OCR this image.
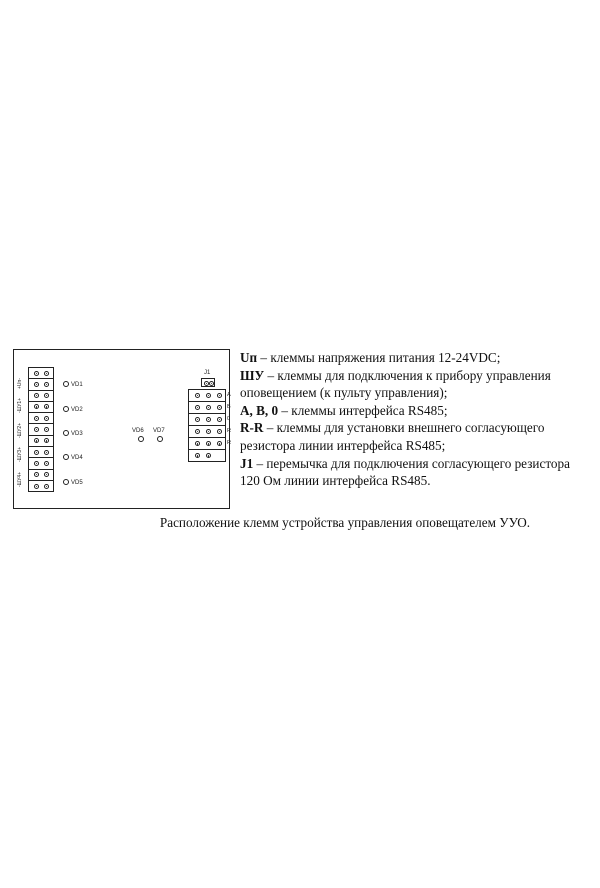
J1
VD1
VD2
VD3
VD4
VD5
+Uп-
-ШУ1+
-ШУ2+
-ШУ3+
-ШУ4+
A
B
0
R
R
VD6 VD7

Uп – клеммы напряжения питания 12-24VDC;

ШУ – клеммы для подключения к прибору управления оповещением (к пульту управления);

A, B, 0 – клеммы интерфейса RS485;

R-R – клеммы для установки внешнего согласующего резистора линии интерфейса RS485;

J1 – перемычка для подключения согласующего резистора 120 Ом линии интерфейса RS485.

Расположение клемм устройства управления оповещателем УУО.
